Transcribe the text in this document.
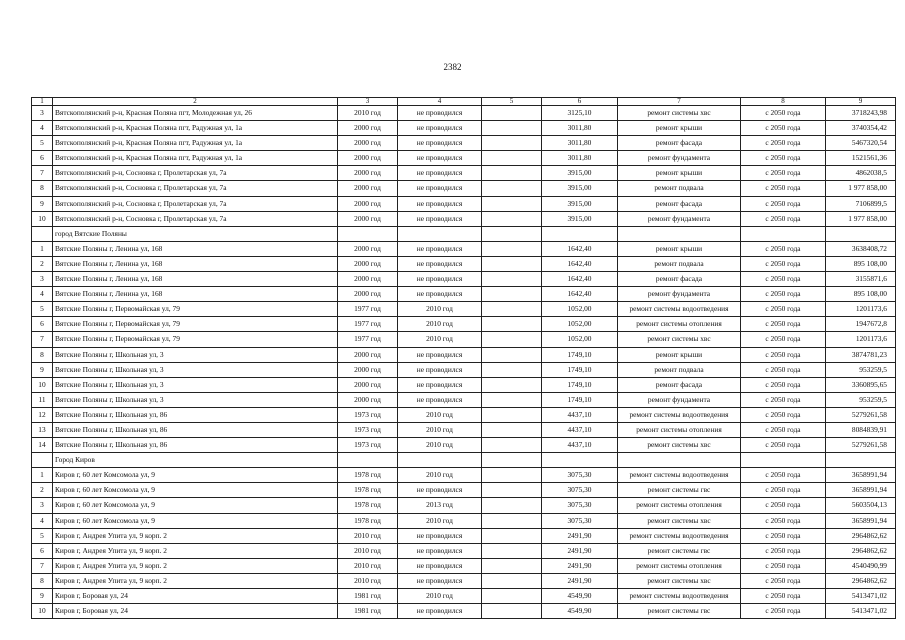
2382
1	2	3	4	5	6	7	8	9
3	Вятскополянский р-н, Красная Поляна пгт, Молодежная ул, 26	2010 год	не проводился		3125,10	ремонт системы хвс	с 2050 года	3718243,98
4	Вятскополянский р-н, Красная Поляна пгт, Радужная ул, 1а	2000 год	не проводился		3011,80	ремонт крыши	с 2050 года	3740354,42
5	Вятскополянский р-н, Красная Поляна пгт, Радужная ул, 1а	2000 год	не проводился		3011,80	ремонт фасада	с 2050 года	5467320,54
6	Вятскополянский р-н, Красная Поляна пгт, Радужная ул, 1а	2000 год	не проводился		3011,80	ремонт фундамента	с 2050 года	1521561,36
7	Вятскополянский р-н, Сосновка г, Пролетарская ул, 7а	2000 год	не проводился		3915,00	ремонт крыши	с 2050 года	4862038,5
8	Вятскополянский р-н, Сосновка г, Пролетарская ул, 7а	2000 год	не проводился		3915,00	ремонт подвала	с 2050 года	1 977 858,00
9	Вятскополянский р-н, Сосновка г, Пролетарская ул, 7а	2000 год	не проводился		3915,00	ремонт фасада	с 2050 года	7106899,5
10	Вятскополянский р-н, Сосновка г, Пролетарская ул, 7а	2000 год	не проводился		3915,00	ремонт фундамента	с 2050 года	1 977 858,00
	город Вятские Поляны							
1	Вятские Поляны г, Ленина ул, 168	2000 год	не проводился		1642,40	ремонт крыши	с 2050 года	3638408,72
2	Вятские Поляны г, Ленина ул, 168	2000 год	не проводился		1642,40	ремонт подвала	с 2050 года	895 108,00
3	Вятские Поляны г, Ленина ул, 168	2000 год	не проводился		1642,40	ремонт фасада	с 2050 года	3155871,6
4	Вятские Поляны г, Ленина ул, 168	2000 год	не проводился		1642,40	ремонт фундамента	с 2050 года	895 108,00
5	Вятские Поляны г, Первомайская ул, 79	1977 год	2010 год		1052,00	ремонт системы водоотведения	с 2050 года	1201173,6
6	Вятские Поляны г, Первомайская ул, 79	1977 год	2010 год		1052,00	ремонт системы отопления	с 2050 года	1947672,8
7	Вятские Поляны г, Первомайская ул, 79	1977 год	2010 год		1052,00	ремонт системы хвс	с 2050 года	1201173,6
8	Вятские Поляны г, Школьная ул, 3	2000 год	не проводился		1749,10	ремонт крыши	с 2050 года	3874781,23
9	Вятские Поляны г, Школьная ул, 3	2000 год	не проводился		1749,10	ремонт подвала	с 2050 года	953259,5
10	Вятские Поляны г, Школьная ул, 3	2000 год	не проводился		1749,10	ремонт фасада	с 2050 года	3360895,65
11	Вятские Поляны г, Школьная ул, 3	2000 год	не проводился		1749,10	ремонт фундамента	с 2050 года	953259,5
12	Вятские Поляны г, Школьная ул, 86	1973 год	2010 год		4437,10	ремонт системы водоотведения	с 2050 года	5279261,58
13	Вятские Поляны г, Школьная ул, 86	1973 год	2010 год		4437,10	ремонт системы отопления	с 2050 года	8084839,91
14	Вятские Поляны г, Школьная ул, 86	1973 год	2010 год		4437,10	ремонт системы хвс	с 2050 года	5279261,58
	Город Киров							
1	Киров г, 60 лет Комсомола ул, 9	1978 год	2010 год		3075,30	ремонт системы водоотведения	с 2050 года	3658991,94
2	Киров г, 60 лет Комсомола ул, 9	1978 год	не проводился		3075,30	ремонт системы гвс	с 2050 года	3658991,94
3	Киров г, 60 лет Комсомола ул, 9	1978 год	2013 год		3075,30	ремонт системы отопления	с 2050 года	5603504,13
4	Киров г, 60 лет Комсомола ул, 9	1978 год	2010 год		3075,30	ремонт системы хвс	с 2050 года	3658991,94
5	Киров г, Андрея Упита ул, 9 корп. 2	2010 год	не проводился		2491,90	ремонт системы водоотведения	с 2050 года	2964862,62
6	Киров г, Андрея Упита ул, 9 корп. 2	2010 год	не проводился		2491,90	ремонт системы гвс	с 2050 года	2964862,62
7	Киров г, Андрея Упита ул, 9 корп. 2	2010 год	не проводился		2491,90	ремонт системы отопления	с 2050 года	4540490,99
8	Киров г, Андрея Упита ул, 9 корп. 2	2010 год	не проводился		2491,90	ремонт системы хвс	с 2050 года	2964862,62
9	Киров г, Боровая ул, 24	1981 год	2010 год		4549,90	ремонт системы водоотведения	с 2050 года	5413471,02
10	Киров г, Боровая ул, 24	1981 год	не проводился		4549,90	ремонт системы гвс	с 2050 года	5413471,02
